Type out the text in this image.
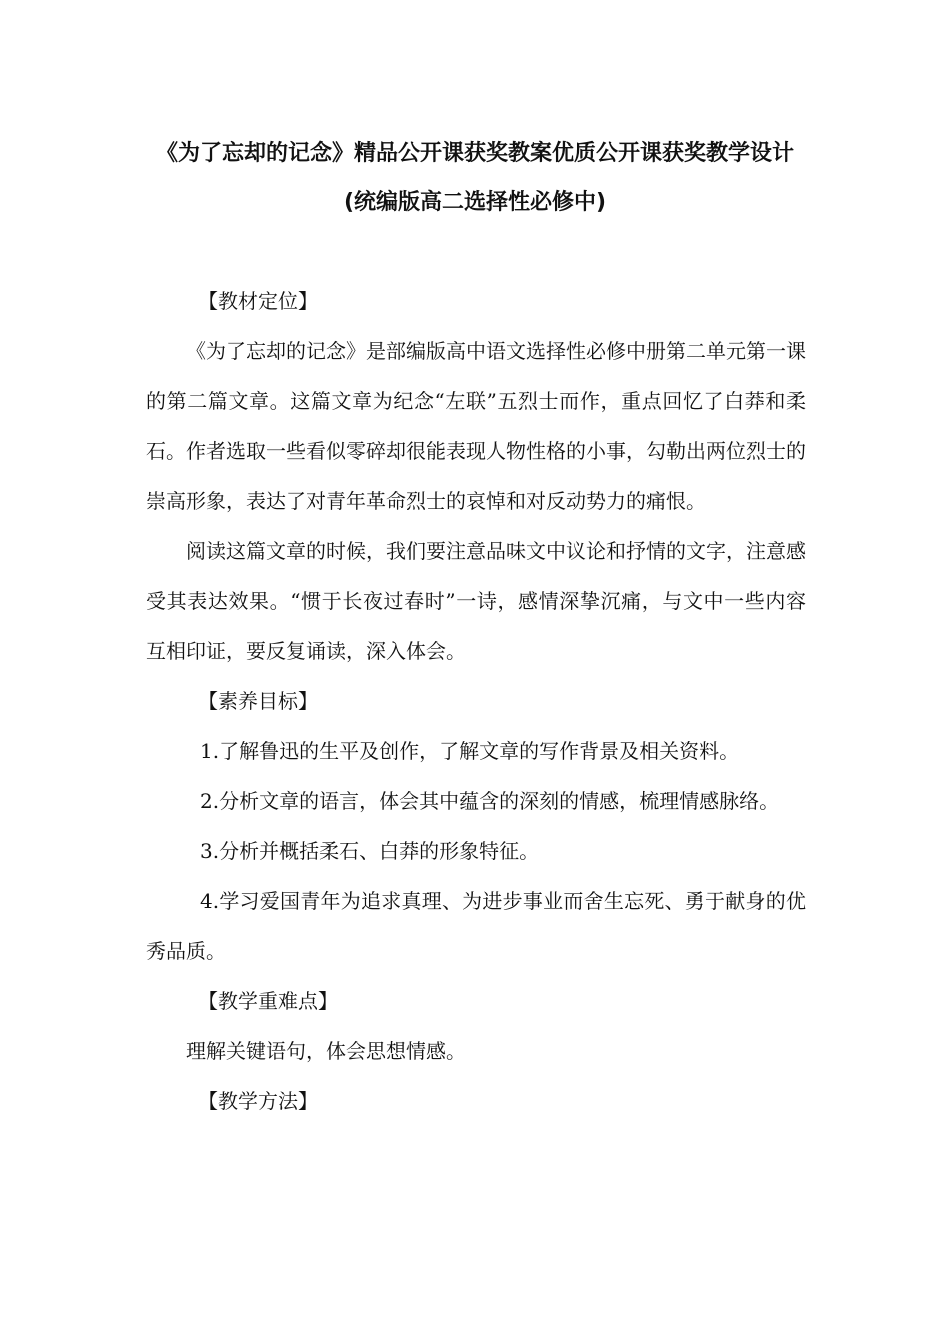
《为了忘却的记念》精品公开课获奖教案优质公开课获奖教学设计
(统编版高二选择性必修中)

【教材定位】

《为了忘却的记念》是部编版高中语文选择性必修中册第二单元第一课的第二篇文章。这篇文章为纪念“左联”五烈士而作，重点回忆了白莽和柔石。作者选取一些看似零碎却很能表现人物性格的小事，勾勒出两位烈士的崇高形象，表达了对青年革命烈士的哀悼和对反动势力的痛恨。

阅读这篇文章的时候，我们要注意品味文中议论和抒情的文字，注意感受其表达效果。“惯于长夜过春时”一诗，感情深挚沉痛，与文中一些内容互相印证，要反复诵读，深入体会。

【素养目标】

1.了解鲁迅的生平及创作，了解文章的写作背景及相关资料。

2.分析文章的语言，体会其中蕴含的深刻的情感，梳理情感脉络。

3.分析并概括柔石、白莽的形象特征。

4.学习爱国青年为追求真理、为进步事业而舍生忘死、勇于献身的优秀品质。

【教学重难点】

理解关键语句，体会思想情感。

【教学方法】
